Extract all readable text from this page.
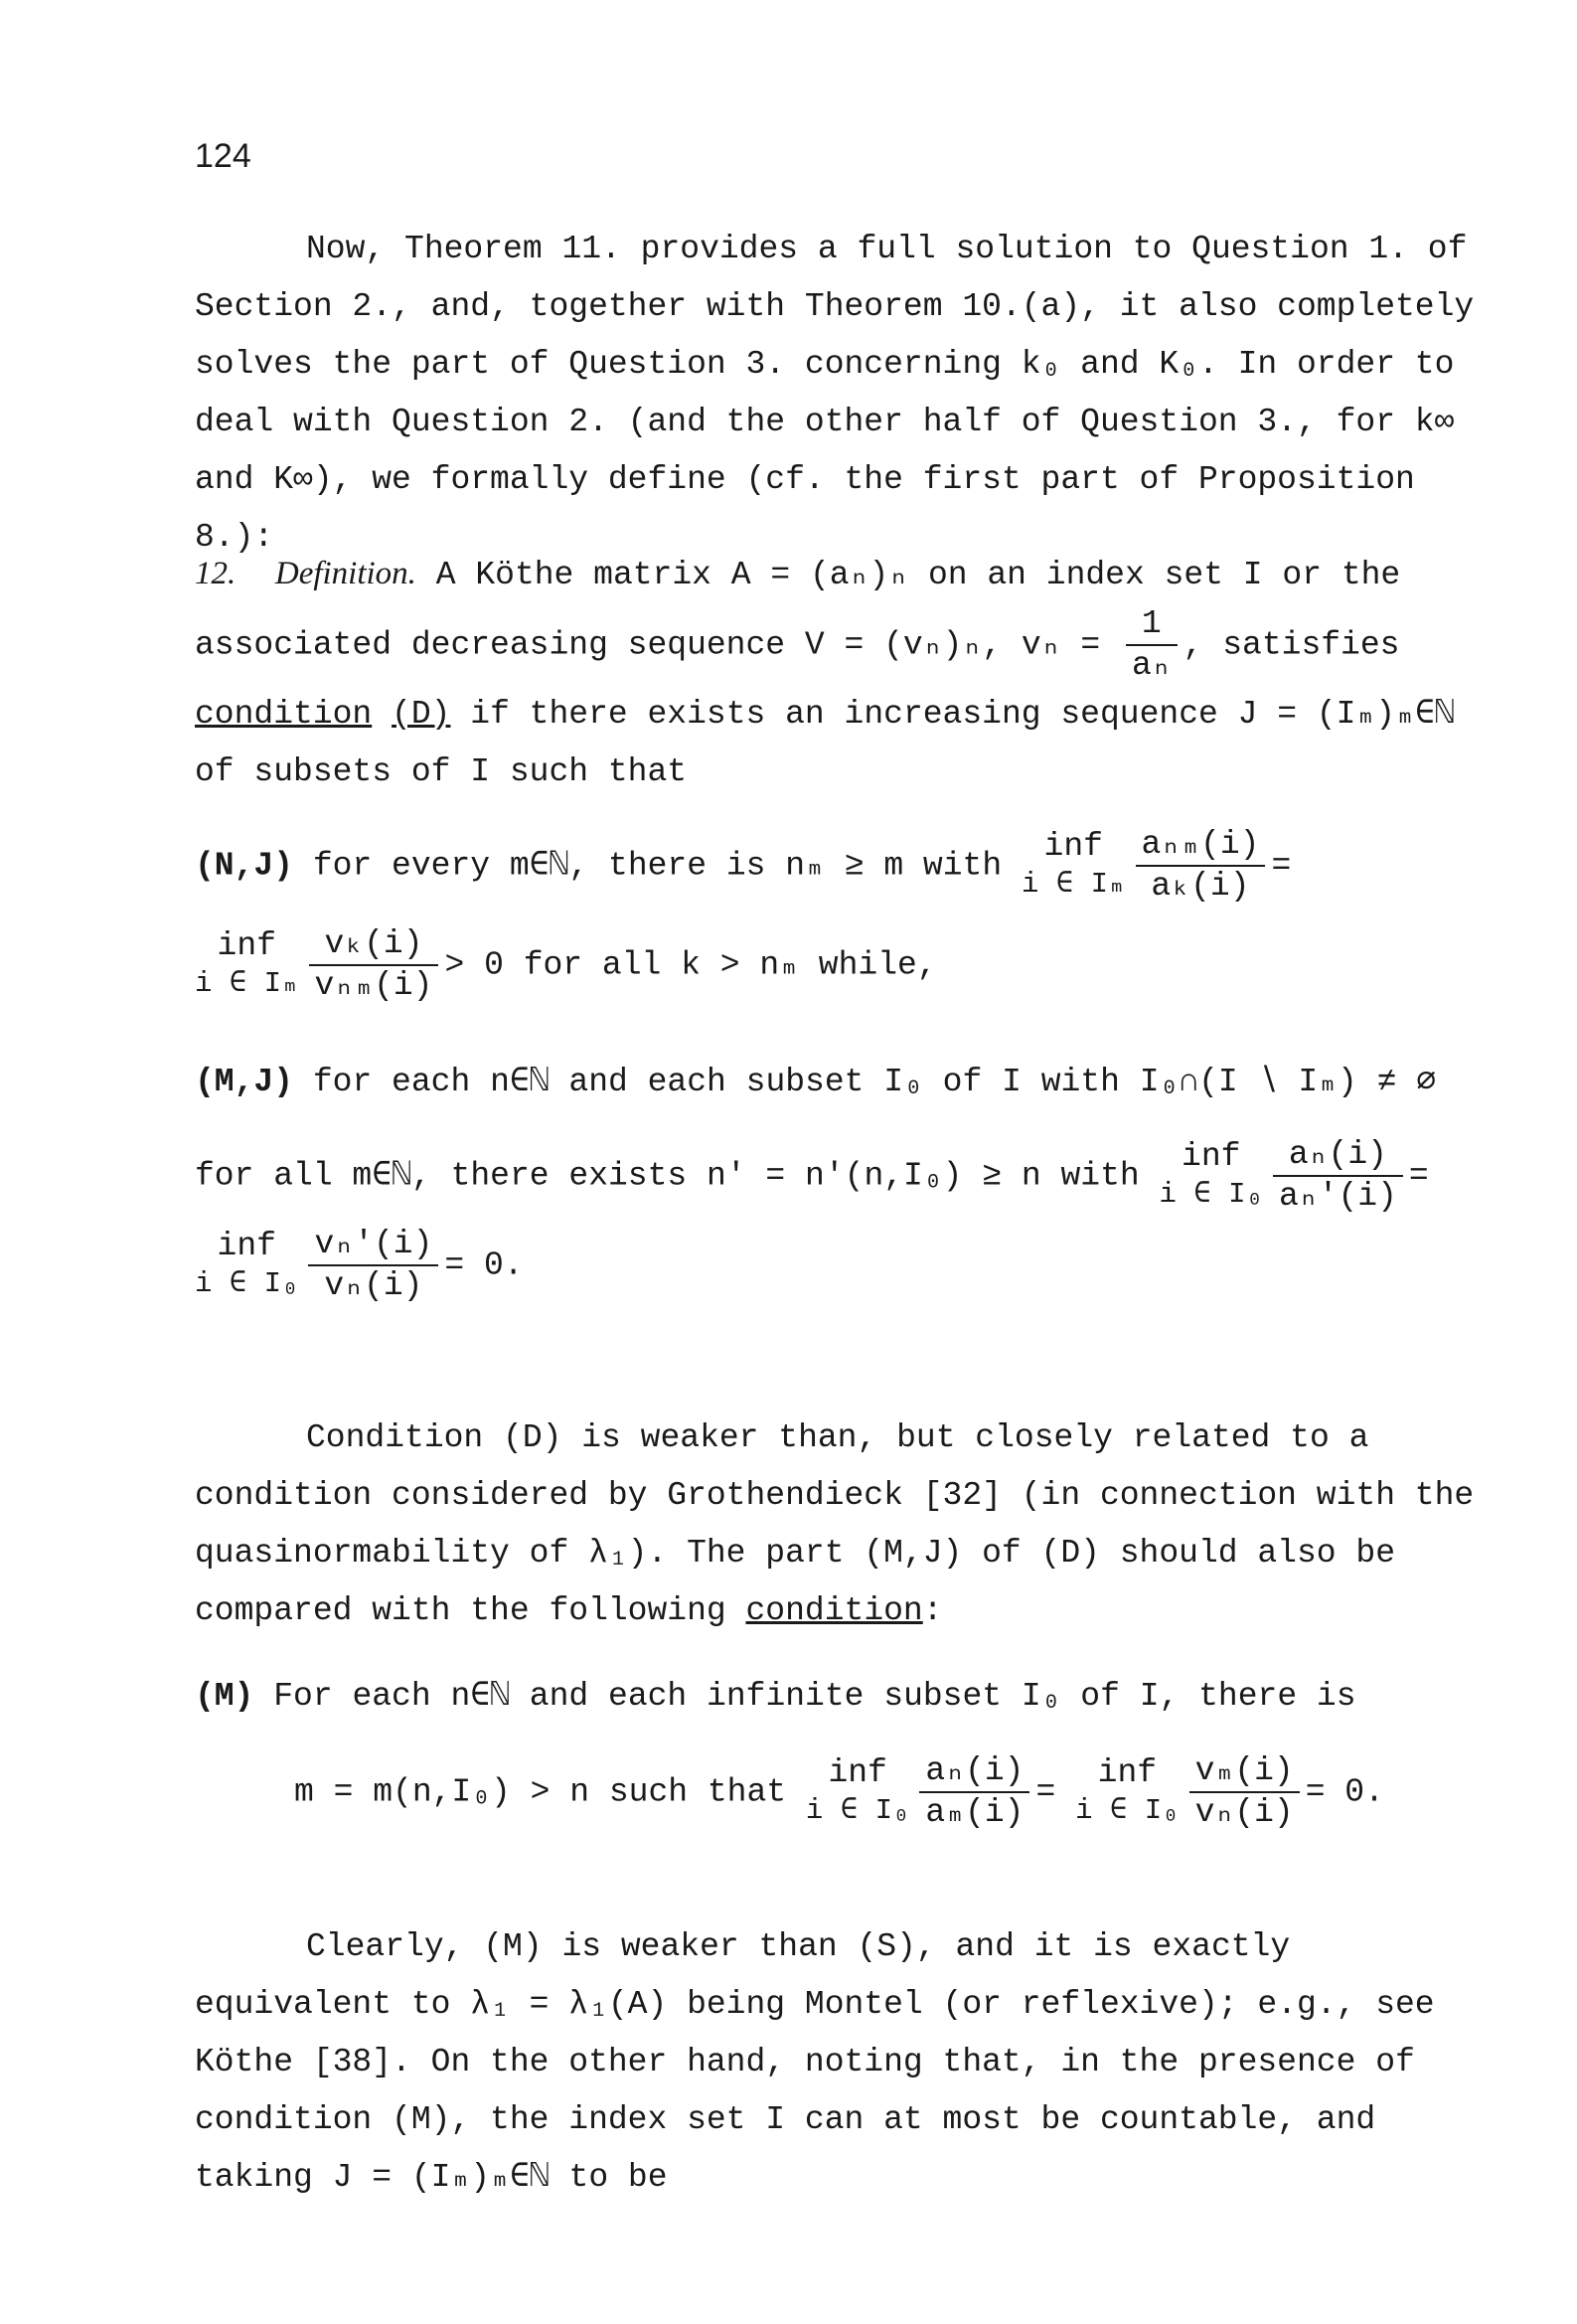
124
Now, Theorem 11. provides a full solution to Question 1. of Section 2., and, together with Theorem 10.(a), it also completely solves the part of Question 3. concerning k₀ and K₀. In order to deal with Question 2. (and the other half of Question 3., for k∞ and K∞), we formally define (cf. the first part of Proposition 8.):
12. Definition. A Köthe matrix A = (aₙ)ₙ on an index set I or the associated decreasing sequence V = (vₙ)ₙ, $v_n = \frac{1}{\text{aₙ}}$ , satisfies condition (D) if there exists an increasing sequence J = (Iₘ)ₘ∈ℕ of subsets of I such that

(N,J) for every m∈ℕ, there is nₘ ≥ m with inf
i ∈ Iₘ $\frac{\text{aₙₘ(i)}}{\text{aₖ(i)}}$ =

inf
i ∈ Iₘ $\frac{\text{vₖ(i)}}{\text{vₙₘ(i)}} > 0$ for all k > nₘ while,

(M,J) for each n∈ℕ and each subset I₀ of I with I₀∩(I ∖ Iₘ) ≠ ∅

for all m∈ℕ, there exists n' = n'(n,I₀) ≥ n with inf
i ∈ $I_0 \frac{\text{aₙ(i)}}{\text{aₙ'(i)}}$ =

inf
i ∈ $I_0 \frac{\text{vₙ'(i)}}{\text{vₙ(i)}} = 0$.

Condition (D) is weaker than, but closely related to a condition considered by Grothendieck [32] (in connection with the quasinormability of λ₁). The part (M,J) of (D) should also be compared with the following condition:

(M) For each n∈ℕ and each infinite subset I₀ of I, there is

m = m(n,I₀) > n such that inf
i ∈ $I_0 \frac{\text{aₙ(i)}}{\text{aₘ(i)}}$ = inf
i ∈ $I_0 \frac{\text{vₘ(i)}}{\text{vₙ(i)}} = 0$.

Clearly, (M) is weaker than (S), and it is exactly equivalent to λ₁ = λ₁(A) being Montel (or reflexive); e.g., see Köthe [38]. On the other hand, noting that, in the presence of condition (M), the index set I can at most be countable, and taking J = (Iₘ)ₘ∈ℕ to be
